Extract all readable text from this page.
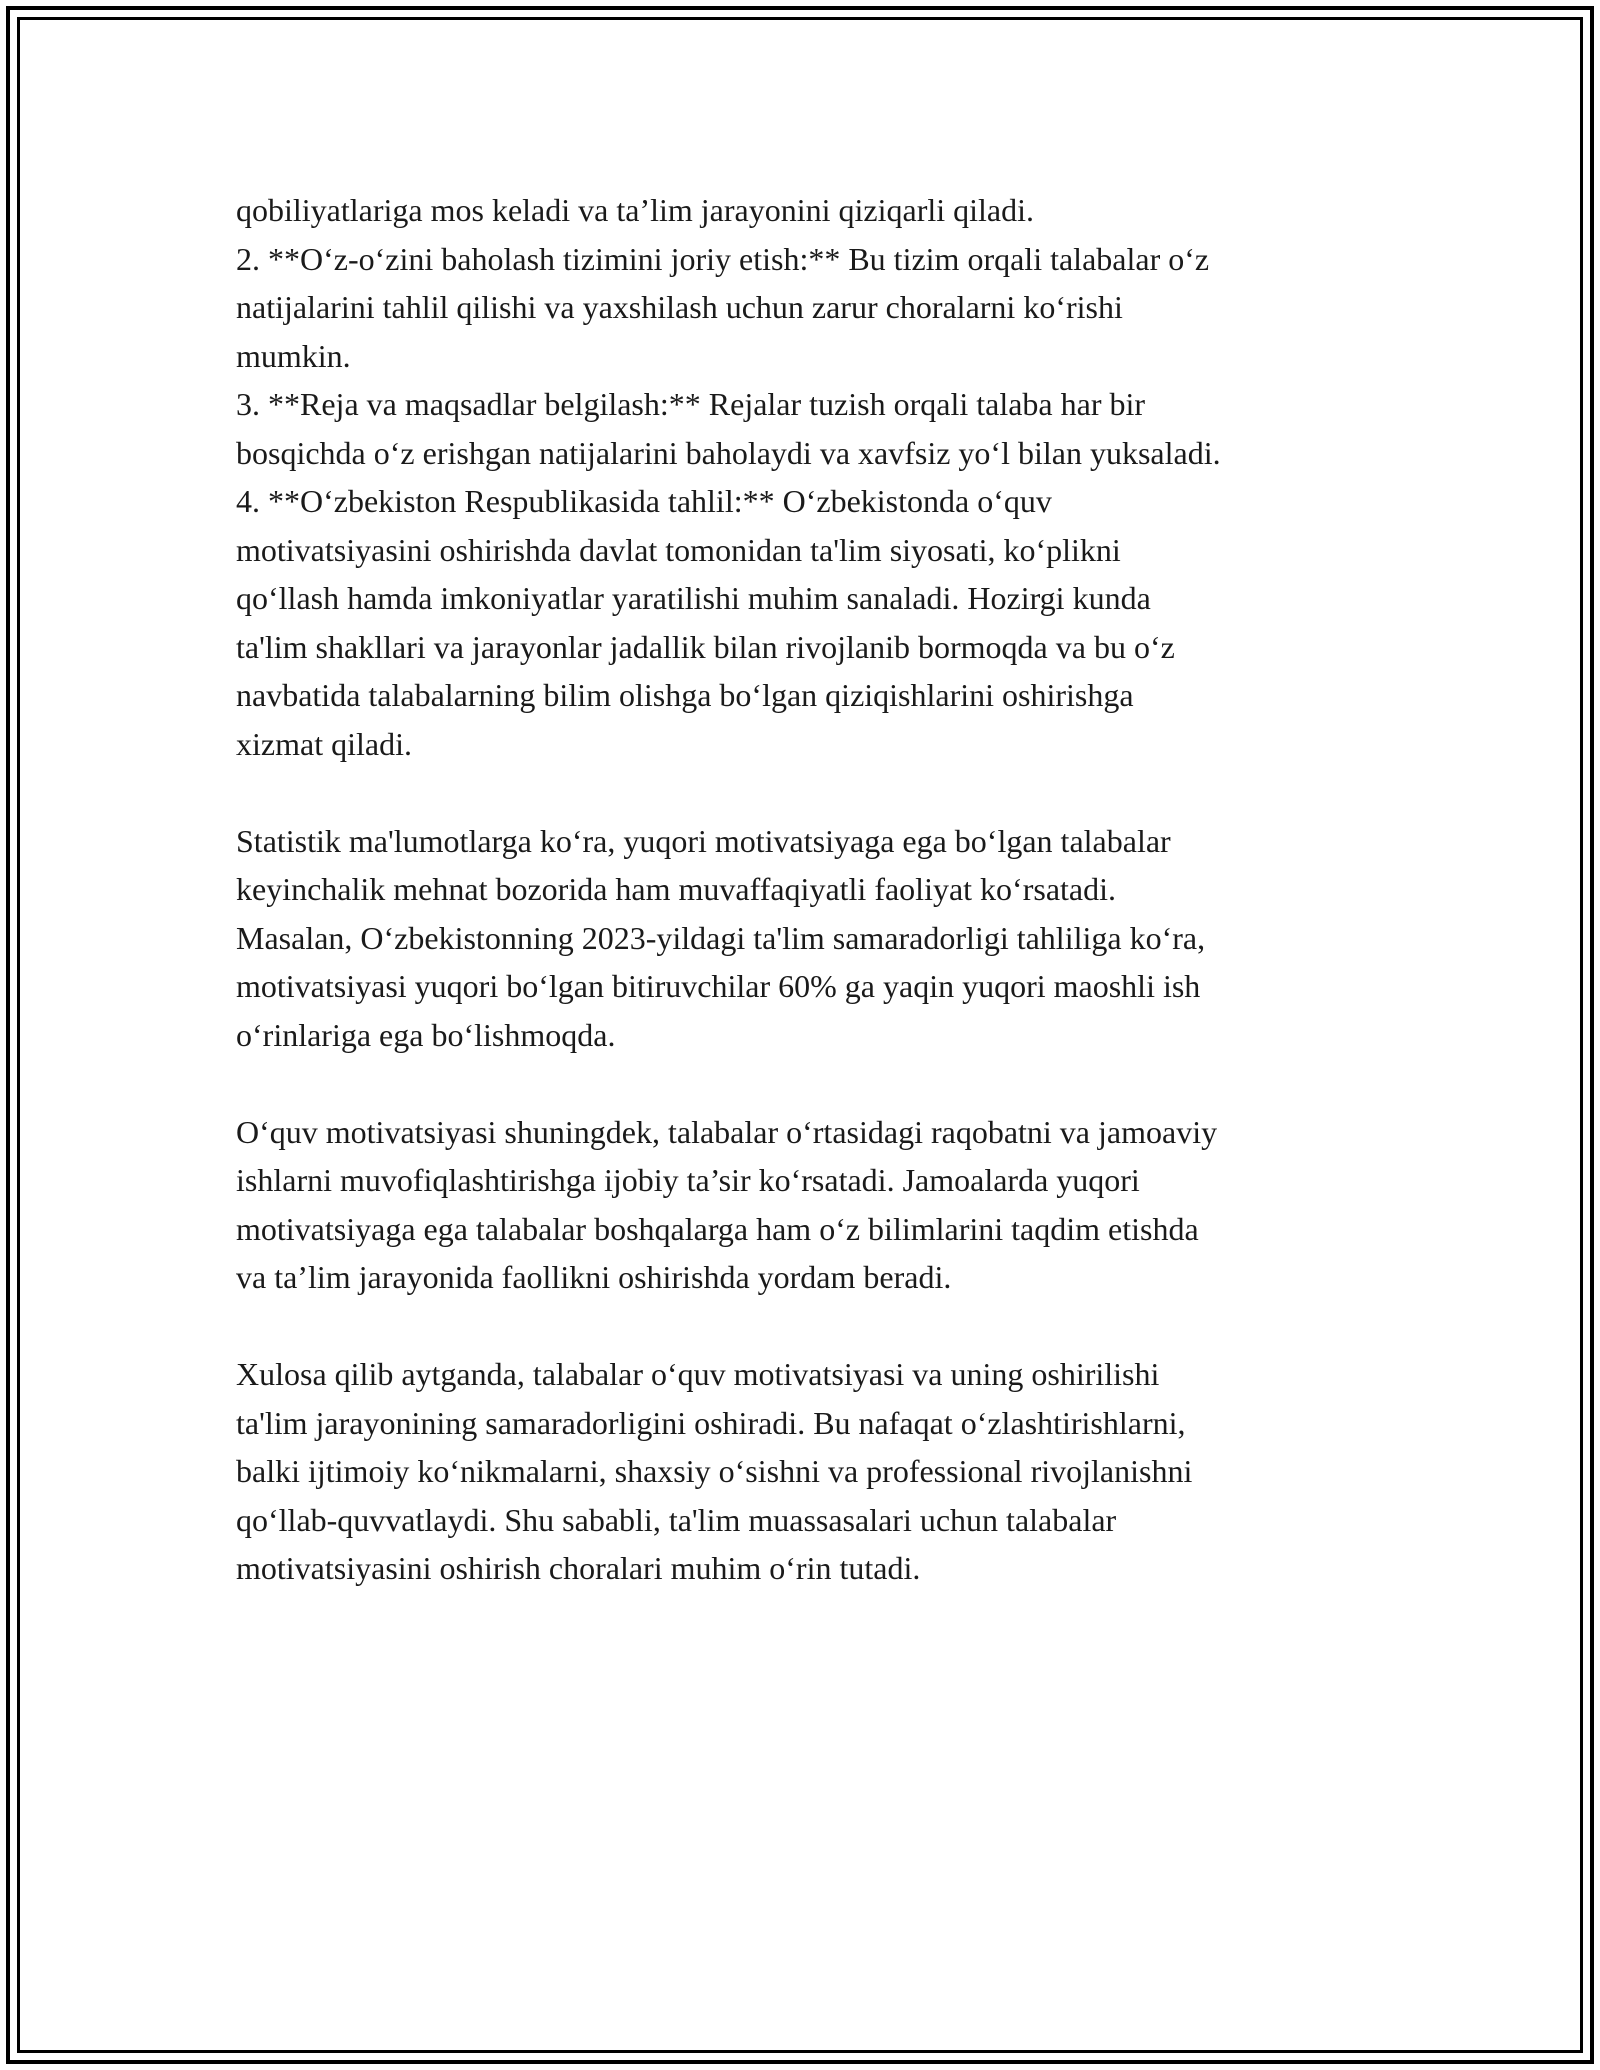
qobiliyatlariga mos keladi va ta’lim jarayonini qiziqarli qiladi.
2. **O‘z-o‘zini baholash tizimini joriy etish:** Bu tizim orqali talabalar o‘z
natijalarini tahlil qilishi va yaxshilash uchun zarur choralarni ko‘rishi
mumkin.
3. **Reja va maqsadlar belgilash:** Rejalar tuzish orqali talaba har bir
bosqichda o‘z erishgan natijalarini baholaydi va xavfsiz yo‘l bilan yuksaladi.
4. **O‘zbekiston Respublikasida tahlil:** O‘zbekistonda o‘quv
motivatsiyasini oshirishda davlat tomonidan ta'lim siyosati, ko‘plikni
qo‘llash hamda imkoniyatlar yaratilishi muhim sanaladi. Hozirgi kunda
ta'lim shakllari va jarayonlar jadallik bilan rivojlanib bormoqda va bu o‘z
navbatida talabalarning bilim olishga bo‘lgan qiziqishlarini oshirishga
xizmat qiladi.
Statistik ma'lumotlarga ko‘ra, yuqori motivatsiyaga ega bo‘lgan talabalar
keyinchalik mehnat bozorida ham muvaffaqiyatli faoliyat ko‘rsatadi.
Masalan, O‘zbekistonning 2023-yildagi ta'lim samaradorligi tahliliga ko‘ra,
motivatsiyasi yuqori bo‘lgan bitiruvchilar 60% ga yaqin yuqori maoshli ish
o‘rinlariga ega bo‘lishmoqda.
O‘quv motivatsiyasi shuningdek, talabalar o‘rtasidagi raqobatni va jamoaviy
ishlarni muvofiqlashtirishga ijobiy ta’sir ko‘rsatadi. Jamoalarda yuqori
motivatsiyaga ega talabalar boshqalarga ham o‘z bilimlarini taqdim etishda
va ta’lim jarayonida faollikni oshirishda yordam beradi.
Xulosa qilib aytganda, talabalar o‘quv motivatsiyasi va uning oshirilishi
ta'lim jarayonining samaradorligini oshiradi. Bu nafaqat o‘zlashtirishlarni,
balki ijtimoiy ko‘nikmalarni, shaxsiy o‘sishni va professional rivojlanishni
qo‘llab-quvvatlaydi. Shu sababli, ta'lim muassasalari uchun talabalar
motivatsiyasini oshirish choralari muhim o‘rin tutadi.
